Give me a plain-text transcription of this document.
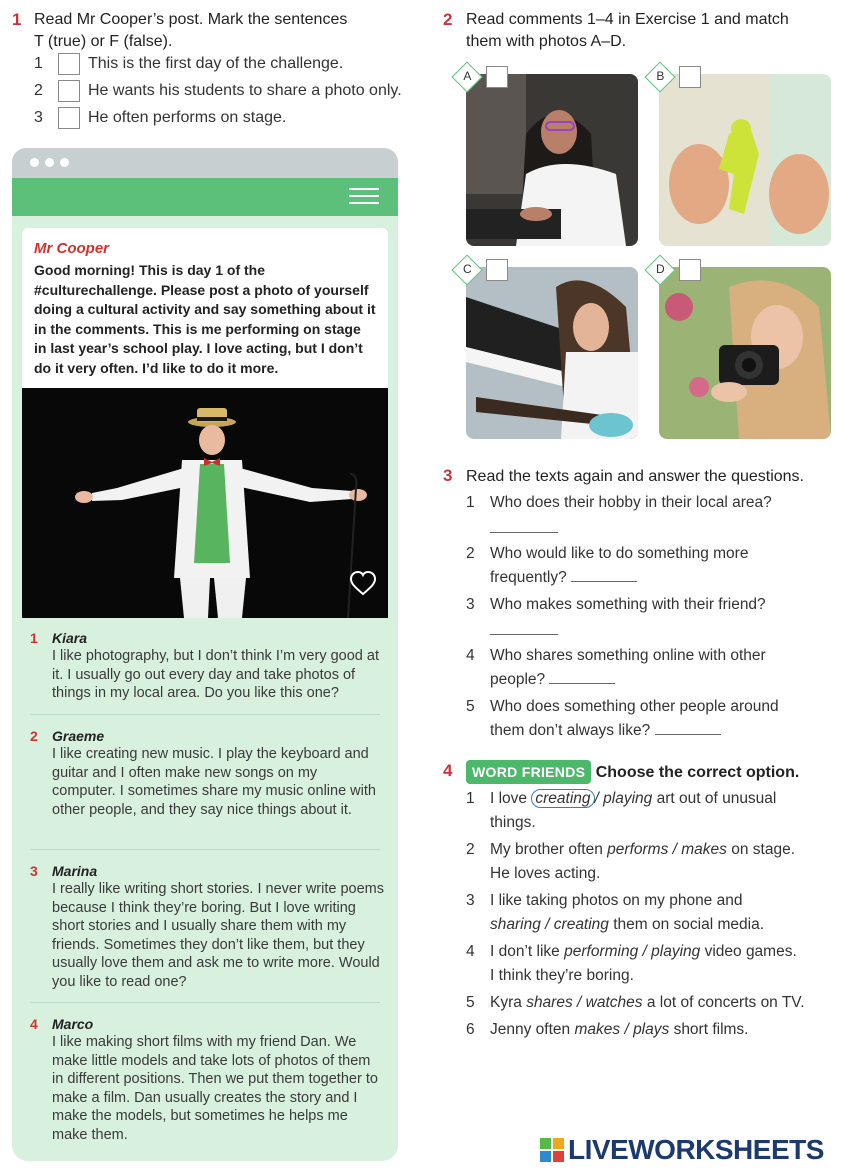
1 Read Mr Cooper’s post. Mark the sentences
T (true) or F (false).
1	This is the first day of the challenge.
2	He wants his students to share a photo only.
3	He often performs on stage.
Mr Cooper
Good morning! This is day 1 of the #culturechallenge. Please post a photo of yourself doing a cultural activity and say something about it in the comments. This is me performing on stage in last year’s school play. I love acting, but I don’t do it very often. I’d like to do it more.
1 Kiara
I like photography, but I don’t think I’m very good at it. I usually go out every day and take photos of things in my local area. Do you like this one?
2 Graeme
I like creating new music. I play the keyboard and guitar and I often make new songs on my computer. I sometimes share my music online with other people, and they say nice things about it.
3 Marina
I really like writing short stories. I never write poems because I think they’re boring. But I love writing short stories and I usually share them with my friends. Sometimes they don’t like them, but they usually love them and ask me to write more. Would you like to read one?
4 Marco
I like making short films with my friend Dan. We make little models and take lots of photos of them in different positions. Then we put them together to make a film. Dan usually creates the story and I make the models, but sometimes he helps me make them.
2 Read comments 1–4 in Exercise 1 and match
them with photos A–D.
A	B
C	D
3 Read the texts again and answer the questions.
1 Who does their hobby in their local area?
2 Who would like to do something more
frequently?
3 Who makes something with their friend?
4 Who shares something online with other
people?
5 Who does something other people around
them don’t always like?
4	WORD FRIENDS Choose the correct option.
1 I love creating / playing art out of unusual
things.
2 My brother often performs / makes on stage.
He loves acting.
3 I like taking photos on my phone and
sharing / creating them on social media.
4 I don’t like performing / playing video games.
I think they’re boring.
5 Kyra shares / watches a lot of concerts on TV.
6 Jenny often makes / plays short films.
LIVEWORKSHEETS
